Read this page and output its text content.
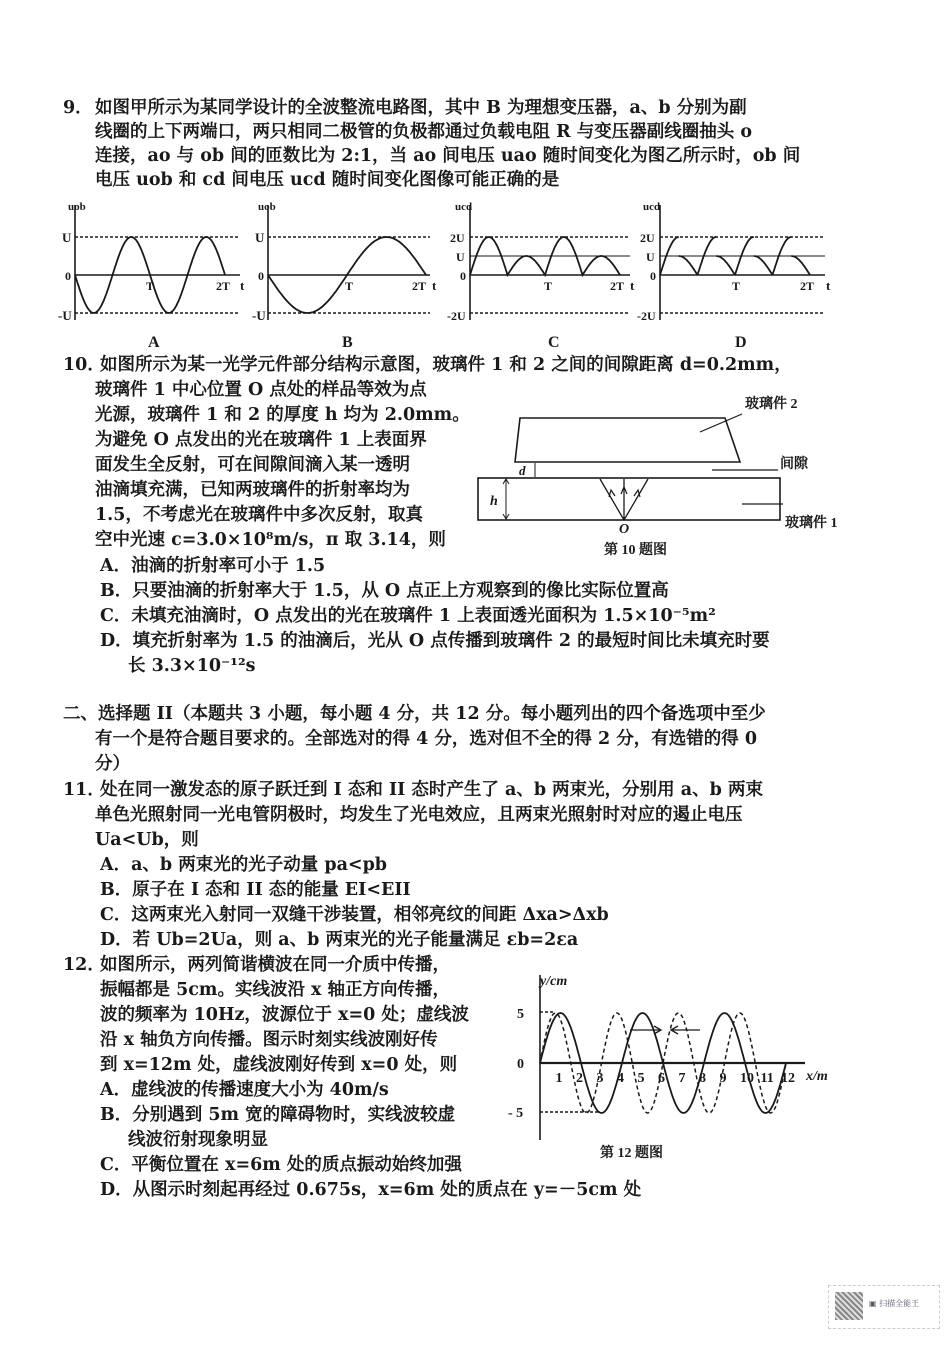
9． 如图甲所示为某同学设计的全波整流电路图，其中 B 为理想变压器，a、b 分别为副
线圈的上下两端口，两只相同二极管的负极都通过负载电阻 R 与变压器副线圈抽头 o
连接，ao 与 ob 间的匝数比为 2:1，当 ao 间电压 uao 随时间变化为图乙所示时，ob 间
电压 uob 和 cd 间电压 ucd 随时间变化图像可能正确的是
uob
U
0
-U
T	2T t
A
uob
U
0
-U
T	2T t
B
ucd
2U
U
0
-2U
T	2T t
C
ucd
2U
U
0
-2U
T	2T t
D
10．
如图所示为某一光学元件部分结构示意图，玻璃件 1 和 2 之间的间隙距离 d=0.2mm，
玻璃件 1 中心位置 O 点处的样品等效为点
光源，玻璃件 1 和 2 的厚度 h 均为 2.0mm。
为避免 O 点发出的光在玻璃件 1 上表面界
面发生全反射，可在间隙间滴入某一透明
油滴填充满，已知两玻璃件的折射率均为
1.5，不考虑光在玻璃件中多次反射，取真
空中光速 c=3.0×10⁸m/s，π 取 3.14，则
A．油滴的折射率可小于 1.5
B．只要油滴的折射率大于 1.5，从 O 点正上方观察到的像比实际位置高
C．未填充油滴时，O 点发出的光在玻璃件 1 上表面透光面积为 1.5×10⁻⁵m²
D．填充折射率为 1.5 的油滴后，光从 O 点传播到玻璃件 2 的最短时间比未填充时要
长 3.3×10⁻¹²s
玻璃件 2
间隙
玻璃件 1
h
d
O
第 10 题图
二、选择题 II（本题共 3 小题，每小题 4 分，共 12 分。每小题列出的四个备选项中至少
有一个是符合题目要求的。全部选对的得 4 分，选对但不全的得 2 分，有选错的得 0
分）
11．
处在同一激发态的原子跃迁到 I 态和 II 态时产生了 a、b 两束光，分别用 a、b 两束
单色光照射同一光电管阴极时，均发生了光电效应，且两束光照射时对应的遏止电压
Ua<Ub，则
A．a、b 两束光的光子动量 pa<pb
B．原子在 I 态和 II 态的能量 EI<EII
C．这两束光入射同一双缝干涉装置，相邻亮纹的间距 Δxa>Δxb
D．若 Ub=2Ua，则 a、b 两束光的光子能量满足 εb=2εa
12．
如图所示，两列简谐横波在同一介质中传播，
振幅都是 5cm。实线波沿 x 轴正方向传播，
波的频率为 10Hz，波源位于 x=0 处；虚线波
沿 x 轴负方向传播。图示时刻实线波刚好传
到 x=12m 处，虚线波刚好传到 x=0 处，则
A．虚线波的传播速度大小为 40m/s
B．分别遇到 5m 宽的障碍物时，实线波较虚
线波衍射现象明显
C．平衡位置在 x=6m 处的质点振动始终加强
D．从图示时刻起再经过 0.675s，x=6m 处的质点在 y=－5cm 处
y/cm
x/m
5
0
- 5
1 2 3 4 5 6 7 8 9 10 11 12
第 12 题图
▣ 扫描全能王
